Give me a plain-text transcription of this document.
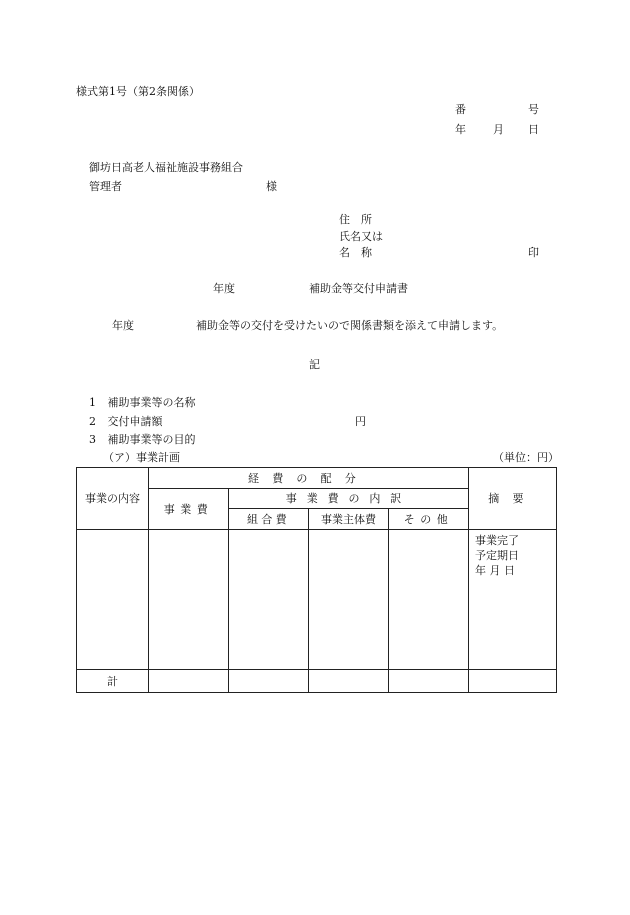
様式第1号（第2条関係）
番	号
年 月 日
御坊日高老人福祉施設事務組合
管理者	様
住　所
氏名又は
名　称	印
年度	補助金等交付申請書
年度	補助金等の交付を受けたいので関係書類を添えて申請します。
記
1 補助事業等の名称
2 交付申請額	円
3 補助事業等の目的
（ア）事業計画	（単位：円）
事業の内容	経費の配分				摘要
	事業費	事業費の内訳			
		組合費	事業主体費	その他	

					事業完了
予定期日
年 月 日

計					
